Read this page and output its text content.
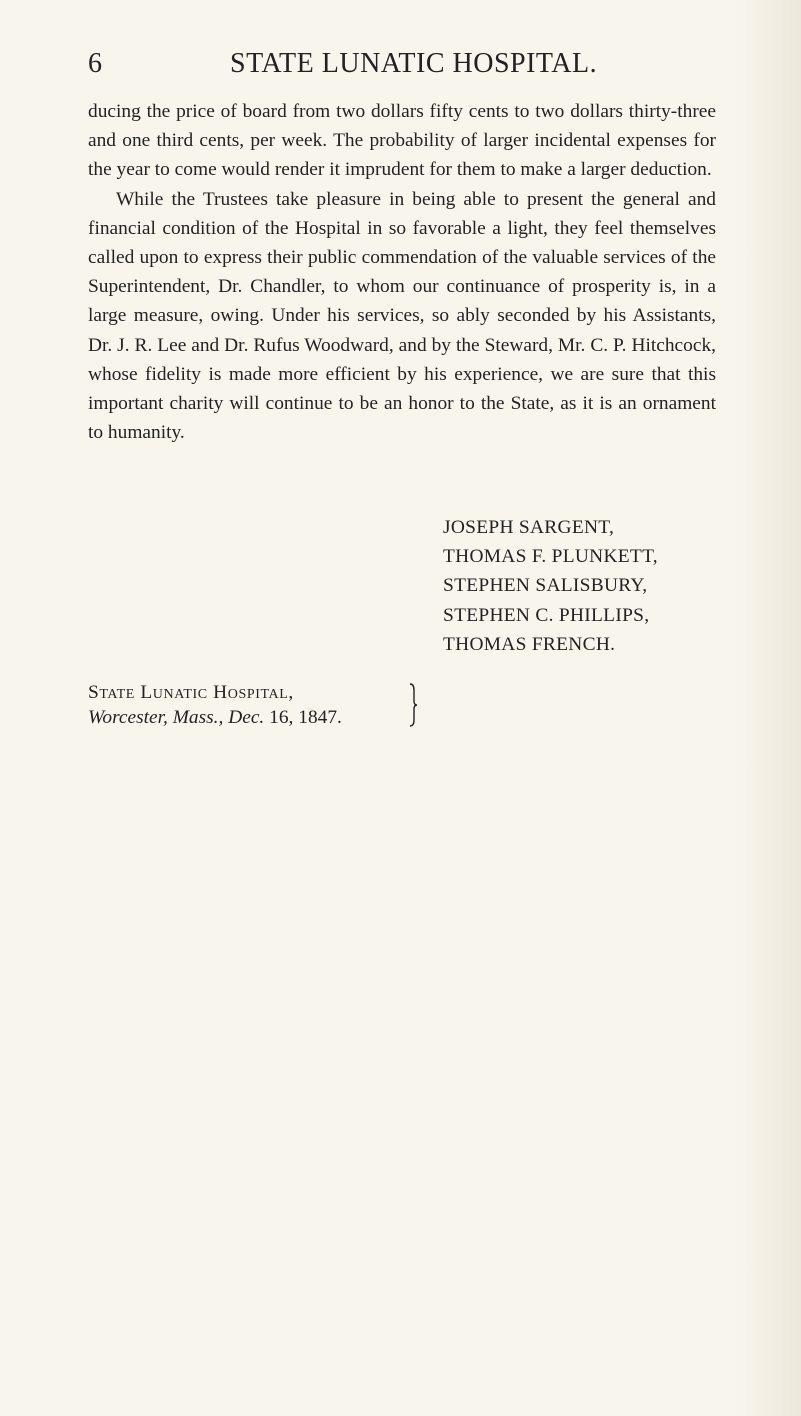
6	STATE LUNATIC HOSPITAL.

ducing the price of board from two dollars fifty cents to two dollars thirty-three and one third cents, per week. The probability of larger incidental expenses for the year to come would render it imprudent for them to make a larger deduction.

While the Trustees take pleasure in being able to present the general and financial condition of the Hospital in so favorable a light, they feel themselves called upon to express their public commendation of the valuable services of the Superintendent, Dr. Chandler, to whom our continuance of prosperity is, in a large measure, owing. Under his services, so ably seconded by his Assistants, Dr. J. R. Lee and Dr. Rufus Woodward, and by the Steward, Mr. C. P. Hitchcock, whose fidelity is made more efficient by his experience, we are sure that this important charity will continue to be an honor to the State, as it is an ornament to humanity.

JOSEPH SARGENT,
THOMAS F. PLUNKETT,
STEPHEN SALISBURY,
STEPHEN C. PHILLIPS,
THOMAS FRENCH.
State Lunatic Hospital,
Worcester, Mass., Dec. 16, 1847.
